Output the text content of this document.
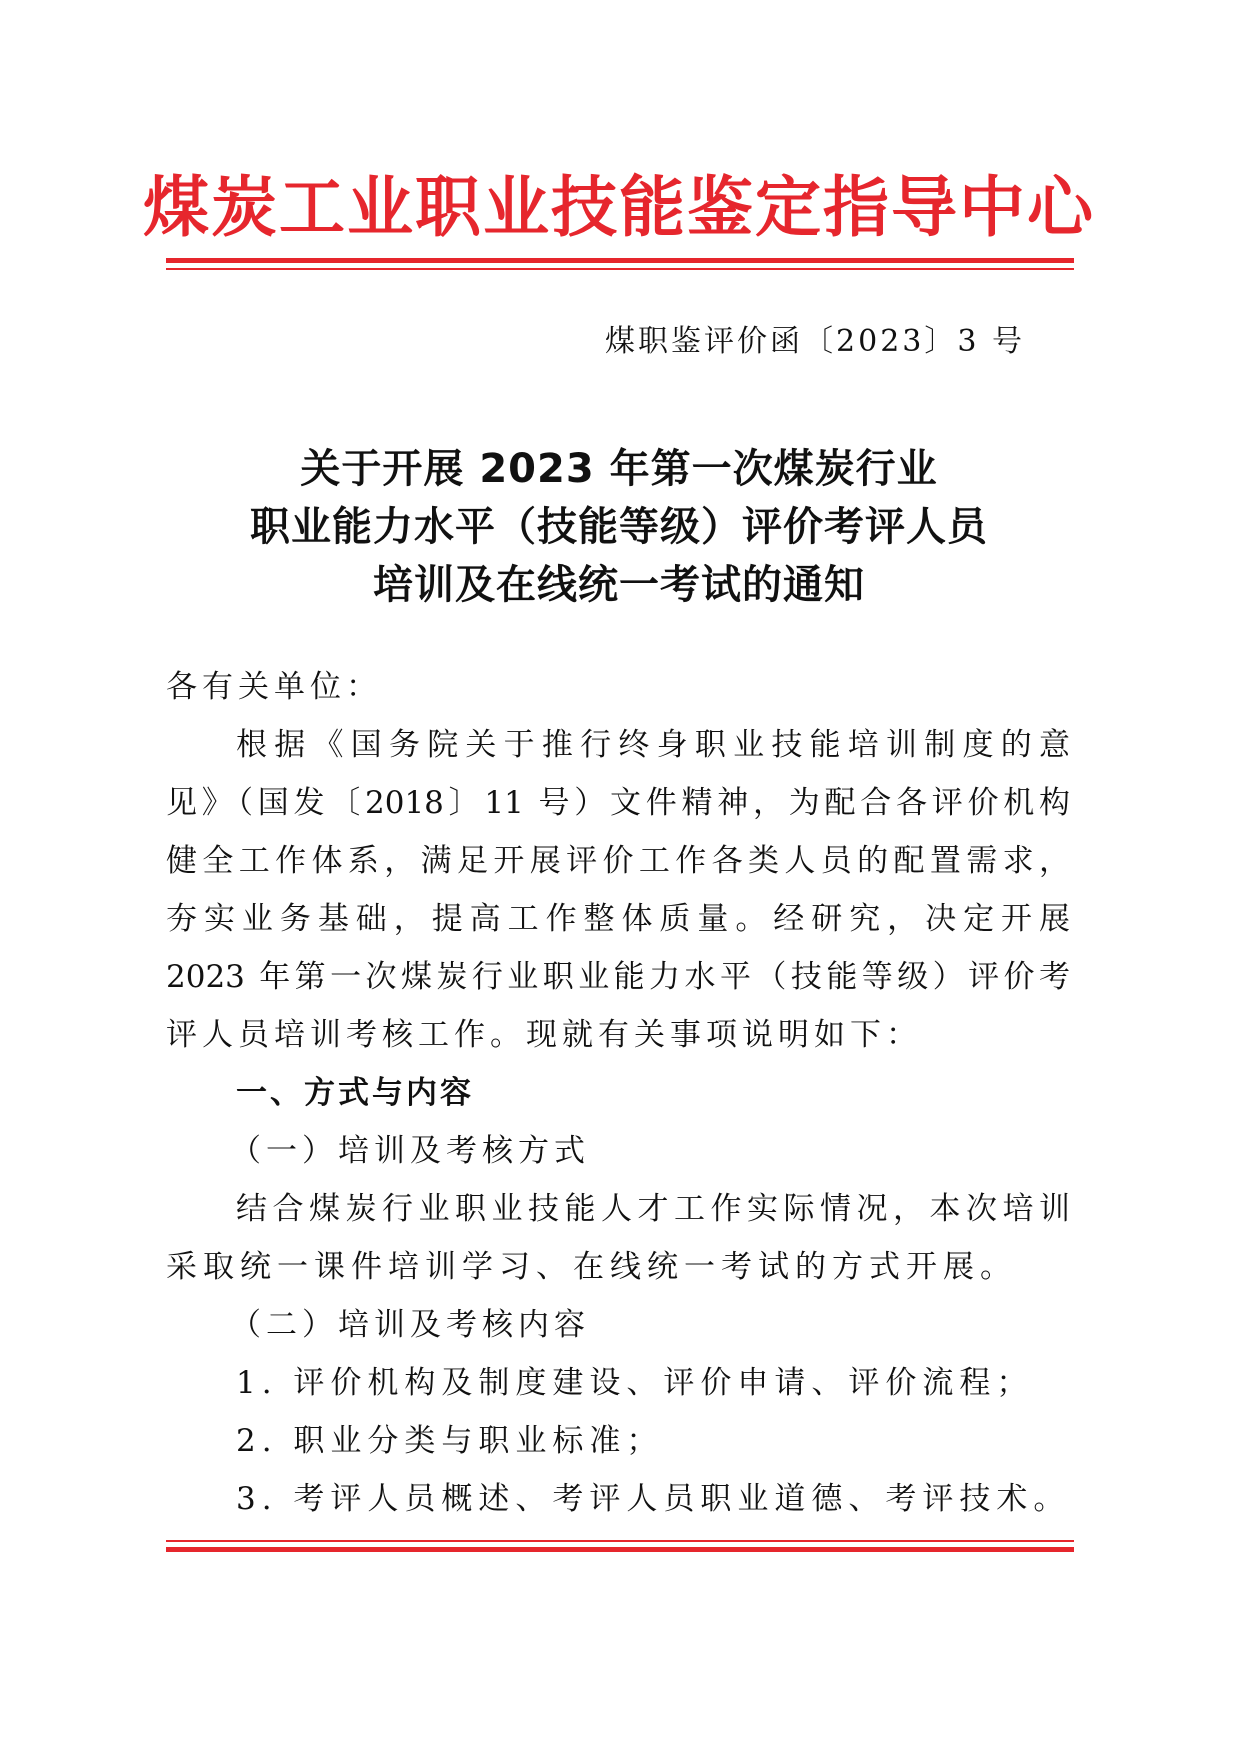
煤炭工业职业技能鉴定指导中心
煤职鉴评价函〔2023〕3 号
关于开展 2023 年第一次煤炭行业
职业能力水平（技能等级）评价考评人员
培训及在线统一考试的通知
各有关单位：
根据《国务院关于推行终身职业技能培训制度的意
见》（国发〔2018〕11 号）文件精神，为配合各评价机构
健全工作体系，满足开展评价工作各类人员的配置需求，
夯实业务基础，提高工作整体质量。经研究，决定开展
2023 年第一次煤炭行业职业能力水平（技能等级）评价考
评人员培训考核工作。现就有关事项说明如下：
一、方式与内容
（一）培训及考核方式
结合煤炭行业职业技能人才工作实际情况，本次培训
采取统一课件培训学习、在线统一考试的方式开展。
（二）培训及考核内容
1. 评价机构及制度建设、评价申请、评价流程；
2. 职业分类与职业标准；
3. 考评人员概述、考评人员职业道德、考评技术。
